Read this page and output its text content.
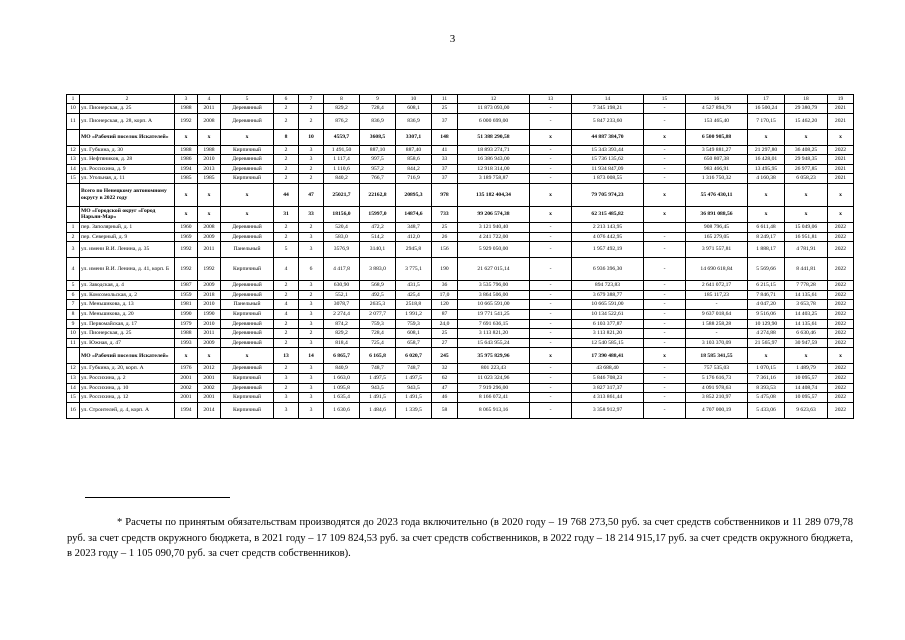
3
1	2	3	4	5	6	7	8	9	10	11	12	13	14	15	16	17	18	19
10	ул. Пионерская, д. 25	1988	2011	Деревянный	2	2	829,2	728,4	608,1	25	11 873 093,00	-	7 345 198,21	-	4 527 894,79	16 500,24	29 380,79	2021
11	ул. Пионерская, д. 28, корп. А	1992	2008	Деревянный	2	2	876,2	836,9	836,9	37	6 000 699,00	-	5 847 233,60	-	153 465,40	7 170,15	15 462,20	2021
	МО «Рабочий поселок Искателей»	x	x	x	8	10	4559,7	3608,5	3307,1	148	51 388 290,58	x	44 887 384,70	x	6 500 905,88	x	x	x
12	ул. Губкина, д. 30	1988	1988	Кирпичный	2	3	1 491,50	887,10	887,40	41	18 893 274,71	-	15 343 393,44	-	3 549 881,27	21 297,80	36 408,25	2022
13	ул. Нефтяников, д. 28	1986	2010	Деревянный	2	3	1 117,4	997,5	858,6	33	16 386 943,00	-	15 736 135,62	-	650 807,38	16 428,01	29 948,35	2021
14	ул. Россихина, д. 9	1994	2013	Деревянный	2	2	1 110,6	957,2	844,2	37	12 918 314,00	-	11 934 847,09	-	983 466,91	13 495,95	26 977,85	2021
15	ул. Угольная, д. 11	1985	1985	Кирпичный	2	2	840,2	766,7	716,9	37	3 189 758,87	-	1 873 008,55	-	1 316 750,32	4 160,38	6 058,23	2021
	Всего по Ненецкому автономному округу в 2022 году	x	x	x	44	47	25021,7	22162,8	20895,3	978	135 182 404,34	x	79 705 974,23	x	55 476 430,11	x	x	x
	МО «Городской округ «Город Нарьян-Мар»	x	x	x	31	33	18156,0	15997,0	14874,6	733	99 206 574,38	x	62 315 485,82	x	36 891 088,56	x	x	x
1	пер. Заполярный, д. 1	1960	2008	Деревянный	2	2	520,4	472,2	348,7	25	3 121 940,40	-	2 213 143,95		908 796,45	6 611,48	15 049,06	2022
2	пер. Северный, д. 9	1969	2009	Деревянный	2	3	583,0	514,2	412,0	26	4 241 722,00	-	4 076 442,95	-	165 279,05	8 249,17	16 951,81	2022
3	ул. имени В.И. Ленина, д. 35	1992	2011	Панельный	5	3	3576,9	3140,1	2945,8	156	5 929 050,00	-	1 957 492,19	-	3 971 557,81	1 888,17	4 781,91	2022
4	ул. имени В.И. Ленина, д. 41, корп. Б	1992	1992	Кирпичный	4	6	4 417,8	3 883,0	3 775,1	190	21 627 015,14	-	6 936 396,30	-	14 690 618,84	5 569,66	8 441,81	2022
5	ул. Заводская, д. 4	1987	2009	Деревянный	2	3	630,90	568,9	431,5	36	3 535 796,00	-	894 723,83	-	2 641 072,17	6 215,15	7 778,28	2022
6	ул. Комсомольская, д. 2	1959	2018	Деревянный	2	2	552,1	492,5	425,4	17,0	3 864 506,00	-	3 679 388,77	-	185 117,23	7 846,71	14 135,61	2022
7	ул. Меньшикова, д. 13	1981	2010	Панельный	4	3	3078,7	2635,3	2518,8	120	10 665 591,00	-	10 665 591,00	-	-	4 047,20	3 653,78	2022
8	ул. Меньшикова, д. 20	1990	1990	Кирпичный	4	3	2 274,4	2 077,7	1 991,2	87	19 771 541,25	-	10 134 522,61	-	9 637 018,64	9 516,06	14 403,25	2022
9	ул. Первомайская, д. 17	1979	2010	Деревянный	2	3	874,2	759,3	759,3	24,0	7 691 636,15	-	6 103 377,87	-	1 588 258,28	10 129,90	14 135,61	2022
10	ул. Пионерская, д. 25	1988	2011	Деревянный	2	2	829,2	728,4	608,1	25	3 113 821,20	-	3 113 821,20	-	-	4 274,88	6 630,46	2022
11	ул. Южная, д. 47	1993	2009	Деревянный	2	3	818,4	725,4	658,7	27	15 643 955,24	-	12 540 585,15	-	3 103 370,09	21 565,97	30 947,59	2022
	МО «Рабочий поселок Искателей»	x	x	x	13	14	6 865,7	6 165,8	6 020,7	245	35 975 829,96	x	17 390 488,41	x	18 585 341,55	x	x	x
12	ул. Губкина, д. 20, корп. А	1976	2012	Деревянный	2	3	840,9	748,7	748,7	32	801 223,43	-	43 688,40	-	757 535,03	1 070,15	1 489,79	2022
13	ул. Россихина, д. 2	2001	2001	Кирпичный	3	3	1 663,0	1 497,5	1 497,5	62	11 023 324,96	-	5 846 708,23	-	5 176 616,73	7 361,16	10 095,57	2022
14	ул. Россихина, д. 10	2002	2002	Деревянный	2	3	1 095,8	943,5	943,5	47	7 919 296,00	-	3 827 317,37	-	4 091 978,63	8 393,53	14 408,74	2022
15	ул. Россихина, д. 12	2001	2001	Кирпичный	3	3	1 635,4	1 491,5	1 491,5	46	8 166 072,41	-	4 313 861,44	-	3 852 210,97	5 475,08	10 095,57	2022
16	ул. Строителей, д. 4, корп. А	1994	2014	Кирпичный	3	3	1 630,6	1 484,6	1 339,5	58	8 065 913,16	-	3 358 912,97	-	4 707 000,19	5 433,06	9 623,63	2022
* Расчеты по принятым обязательствам производятся до 2023 года включительно (в 2020 году – 19 768 273,50 руб. за счет средств собственников и 11 289 079,78 руб. за счет средств окружного бюджета, в 2021 году – 17 109 824,53 руб. за счет средств собственников, в 2022 году – 18 214 915,17 руб. за счет средств окружного бюджета, в 2023 году – 1 105 090,70 руб. за счет средств собственников).
